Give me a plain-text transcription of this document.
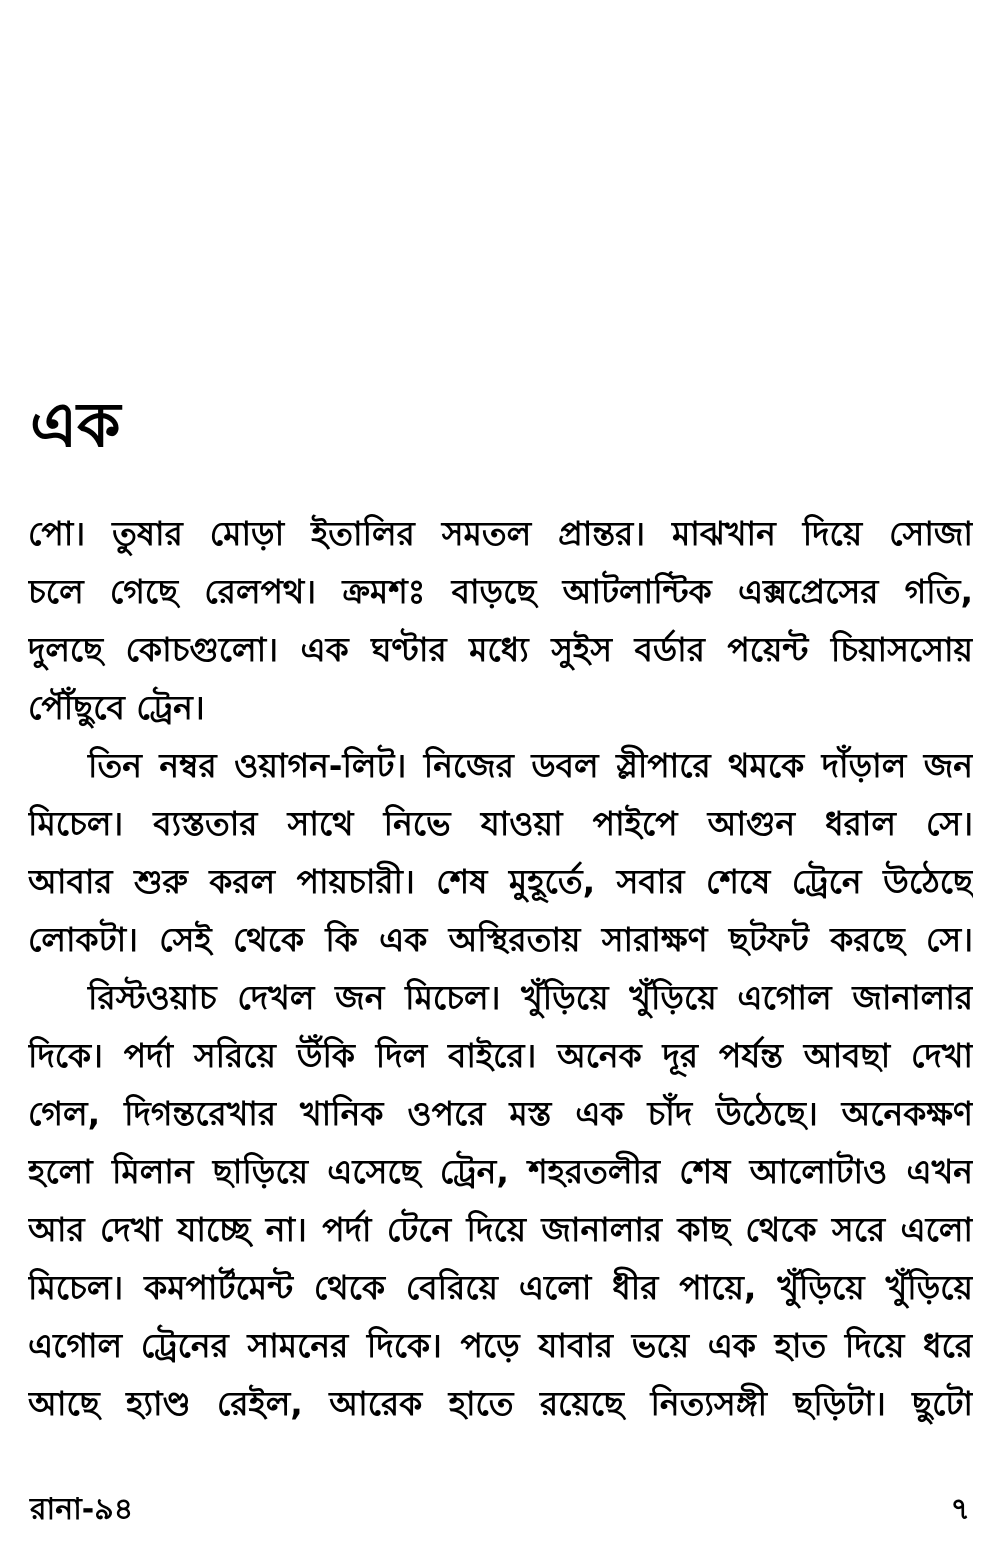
এক
পো। তুষার মোড়া ইতালির সমতল প্রান্তর। মাঝখান দিয়ে সোজা
চলে গেছে রেলপথ। ক্রমশঃ বাড়ছে আটলান্টিক এক্সপ্রেসের গতি,
দুলছে কোচগুলো। এক ঘণ্টার মধ্যে সুইস বর্ডার পয়েন্ট চিয়াসসোয়
পৌঁছুবে ট্রেন।
তিন নম্বর ওয়াগন-লিট। নিজের ডবল স্লীপারে থমকে দাঁড়াল জন
মিচেল। ব্যস্ততার সাথে নিভে যাওয়া পাইপে আগুন ধরাল সে।
আবার শুরু করল পায়চারী। শেষ মুহূর্তে, সবার শেষে ট্রেনে উঠেছে
লোকটা। সেই থেকে কি এক অস্থিরতায় সারাক্ষণ ছটফট করছে সে।
রিস্টওয়াচ দেখল জন মিচেল। খুঁড়িয়ে খুঁড়িয়ে এগোল জানালার
দিকে। পর্দা সরিয়ে উঁকি দিল বাইরে। অনেক দূর পর্যন্ত আবছা দেখা
গেল, দিগন্তরেখার খানিক ওপরে মস্ত এক চাঁদ উঠেছে। অনেকক্ষণ
হলো মিলান ছাড়িয়ে এসেছে ট্রেন, শহরতলীর শেষ আলোটাও এখন
আর দেখা যাচ্ছে না। পর্দা টেনে দিয়ে জানালার কাছ থেকে সরে এলো
মিচেল। কমপার্টমেন্ট থেকে বেরিয়ে এলো ধীর পায়ে, খুঁড়িয়ে খুঁড়িয়ে
এগোল ট্রেনের সামনের দিকে। পড়ে যাবার ভয়ে এক হাত দিয়ে ধরে
আছে হ্যাণ্ড রেইল, আরেক হাতে রয়েছে নিত্যসঙ্গী ছড়িটা। ছুটো
রানা-৯৪	৭
